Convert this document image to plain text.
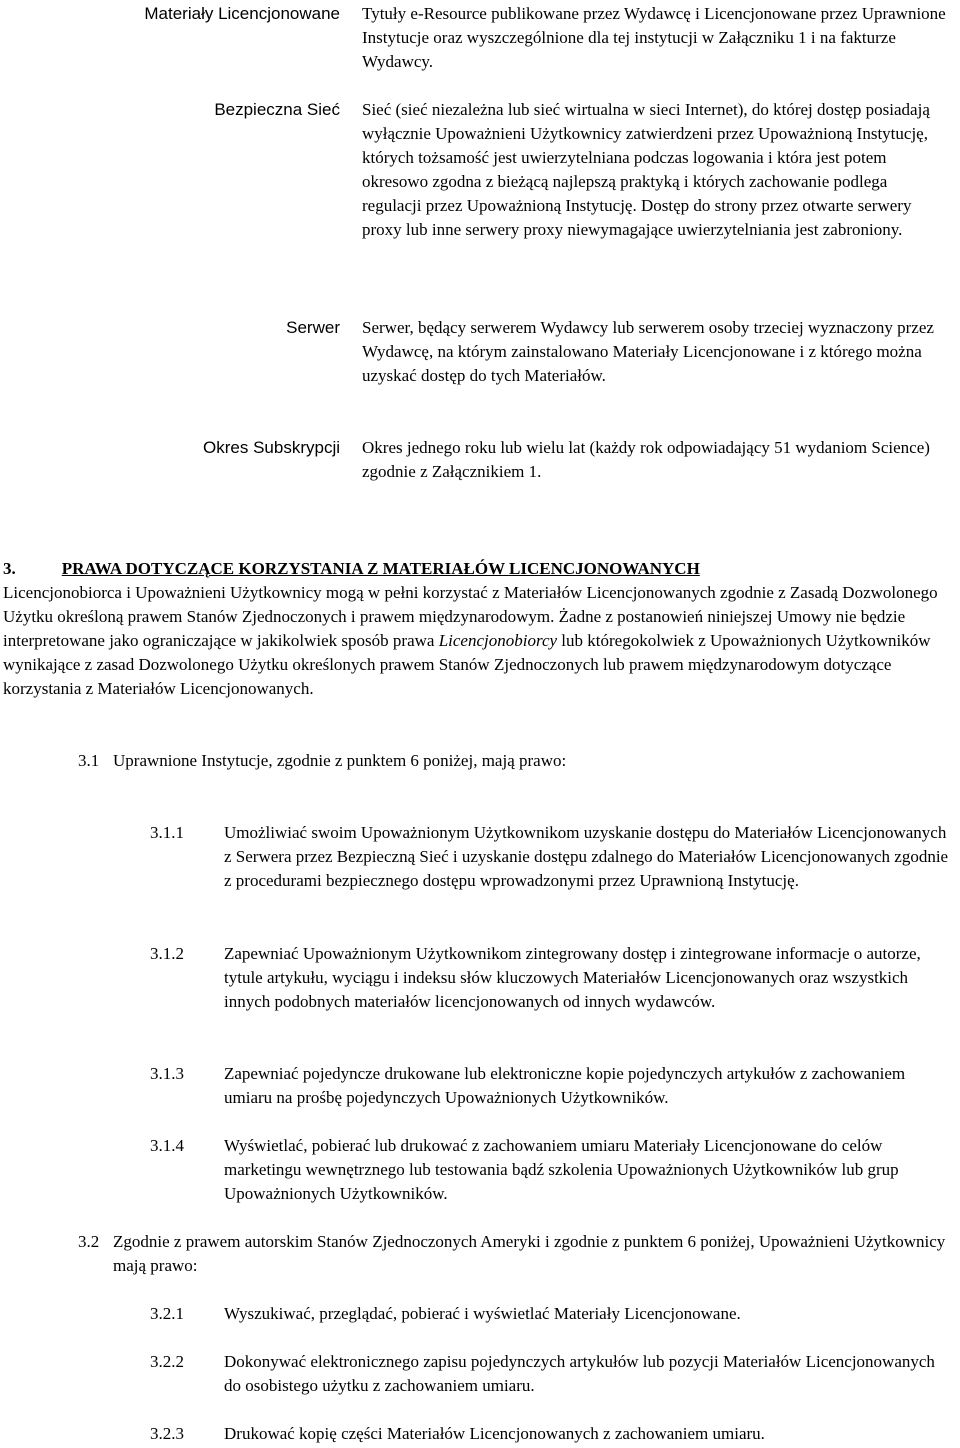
Materiały Licencjonowane Tytuły e-Resource publikowane przez Wydawcę i Licencjonowane przez Uprawnione Instytucje oraz wyszczególnione dla tej instytucji w Załączniku 1 i na fakturze Wydawcy.
Bezpieczna Sieć Sieć (sieć niezależna lub sieć wirtualna w sieci Internet), do której dostęp posiadają wyłącznie Upoważnieni Użytkownicy zatwierdzeni przez Upoważnioną Instytucję, których tożsamość jest uwierzytelniana podczas logowania i która jest potem okresowo zgodna z bieżącą najlepszą praktyką i których zachowanie podlega regulacji przez Upoważnioną Instytucję. Dostęp do strony przez otwarte serwery proxy lub inne serwery proxy niewymagające uwierzytelniania jest zabroniony.
Serwer Serwer, będący serwerem Wydawcy lub serwerem osoby trzeciej wyznaczony przez Wydawcę, na którym zainstalowano Materiały Licencjonowane i z którego można uzyskać dostęp do tych Materiałów.
Okres Subskrypcji Okres jednego roku lub wielu lat (każdy rok odpowiadający 51 wydaniom Science) zgodnie z Załącznikiem 1.
3.	PRAWA DOTYCZĄCE KORZYSTANIA Z MATERIAŁÓW LICENCJONOWANYCH
Licencjonobiorca i Upoważnieni Użytkownicy mogą w pełni korzystać z Materiałów Licencjonowanych zgodnie z Zasadą Dozwolonego Użytku określoną prawem Stanów Zjednoczonych i prawem międzynarodowym. Żadne z postanowień niniejszej Umowy nie będzie interpretowane jako ograniczające w jakikolwiek sposób prawa Licencjonobiorcy lub któregokolwiek z Upoważnionych Użytkowników wynikające z zasad Dozwolonego Użytku określonych prawem Stanów Zjednoczonych lub prawem międzynarodowym dotyczące korzystania z Materiałów Licencjonowanych.
3.1 Uprawnione Instytucje, zgodnie z punktem 6 poniżej, mają prawo:
3.1.1 Umożliwiać swoim Upoważnionym Użytkownikom uzyskanie dostępu do Materiałów Licencjonowanych z Serwera przez Bezpieczną Sieć i uzyskanie dostępu zdalnego do Materiałów Licencjonowanych zgodnie z procedurami bezpiecznego dostępu wprowadzonymi przez Uprawnioną Instytucję.
3.1.2 Zapewniać Upoważnionym Użytkownikom zintegrowany dostęp i zintegrowane informacje o autorze, tytule artykułu, wyciągu i indeksu słów kluczowych Materiałów Licencjonowanych oraz wszystkich innych podobnych materiałów licencjonowanych od innych wydawców.
3.1.3 Zapewniać pojedyncze drukowane lub elektroniczne kopie pojedynczych artykułów z zachowaniem umiaru na prośbę pojedynczych Upoważnionych Użytkowników.
3.1.4 Wyświetlać, pobierać lub drukować z zachowaniem umiaru Materiały Licencjonowane do celów marketingu wewnętrznego lub testowania bądź szkolenia Upoważnionych Użytkowników lub grup Upoważnionych Użytkowników.
3.2 Zgodnie z prawem autorskim Stanów Zjednoczonych Ameryki i zgodnie z punktem 6 poniżej, Upoważnieni Użytkownicy mają prawo:
3.2.1 Wyszukiwać, przeglądać, pobierać i wyświetlać Materiały Licencjonowane.
3.2.2 Dokonywać elektronicznego zapisu pojedynczych artykułów lub pozycji Materiałów Licencjonowanych do osobistego użytku z zachowaniem umiaru.
3.2.3 Drukować kopię części Materiałów Licencjonowanych z zachowaniem umiaru.
